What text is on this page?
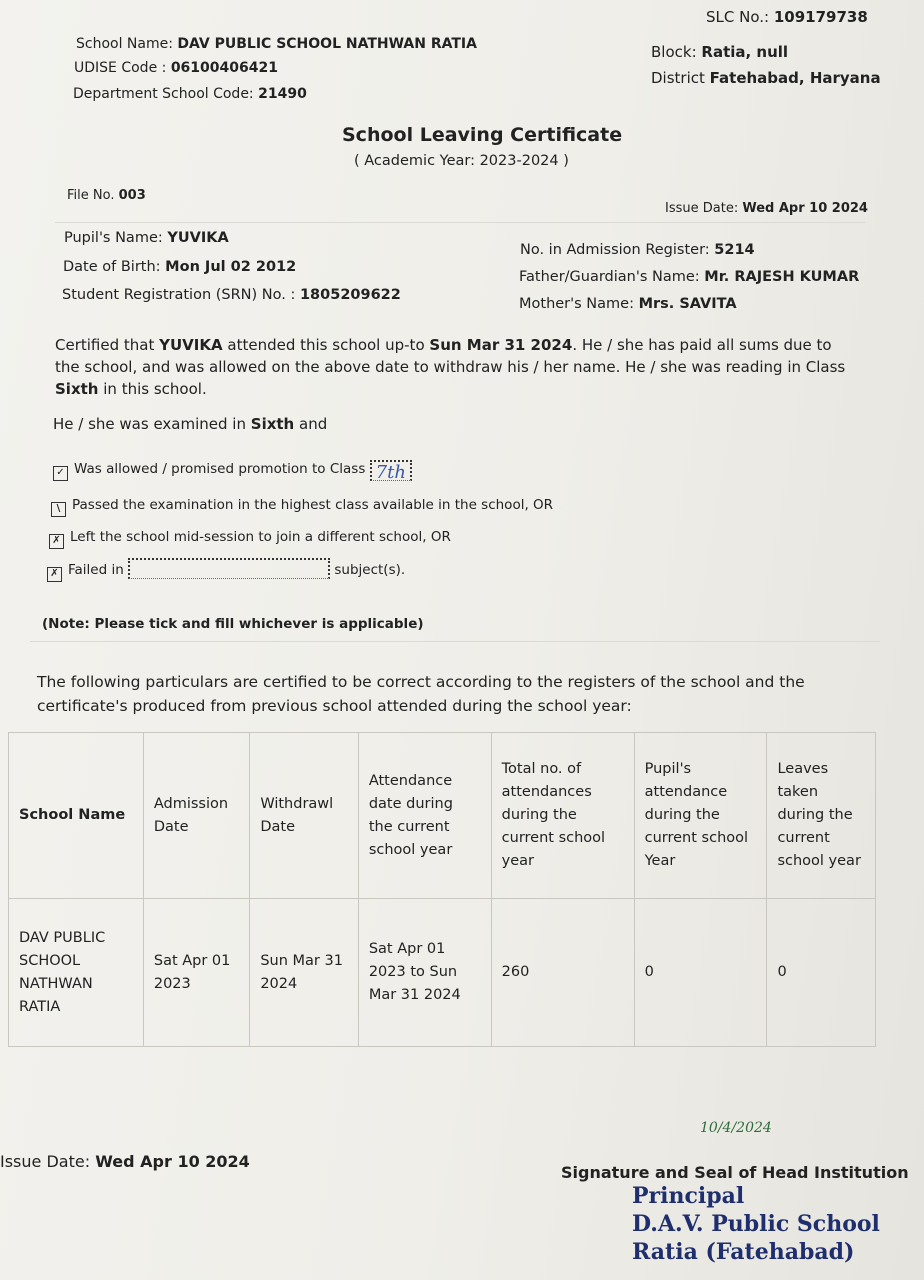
SLC No.: 109179738
School Name: DAV PUBLIC SCHOOL NATHWAN RATIA
UDISE Code : 06100406421
Department School Code: 21490
Block: Ratia, null
District Fatehabad, Haryana
School Leaving Certificate
( Academic Year: 2023-2024 )
File No. 003
Issue Date: Wed Apr 10 2024
Pupil's Name: YUVIKA
Date of Birth: Mon Jul 02 2012
Student Registration (SRN) No. : 1805209622
No. in Admission Register: 5214
Father/Guardian's Name: Mr. RAJESH KUMAR
Mother's Name: Mrs. SAVITA
Certified that YUVIKA attended this school up-to Sun Mar 31 2024. He / she has paid all sums due to the school, and was allowed on the above date to withdraw his / her name. He / she was reading in Class Sixth in this school.
He / she was examined in Sixth and
✓ Was allowed / promised promotion to Class 7th
\ Passed the examination in the highest class available in the school, OR
✗ Left the school mid-session to join a different school, OR
✗ Failed in	subject(s).
(Note: Please tick and fill whichever is applicable)
The following particulars are certified to be correct according to the registers of the school and the certificate's produced from previous school attended during the school year:
School Name	Admission Date	Withdrawl Date	Attendance date during the current school year	Total no. of attendances during the current school year	Pupil's attendance during the current school Year	Leaves taken during the current school year
DAV PUBLIC SCHOOL NATHWAN RATIA	Sat Apr 01 2023	Sun Mar 31 2024	Sat Apr 01 2023 to Sun Mar 31 2024	260	0	0
Issue Date: Wed Apr 10 2024
10/4/2024
Signature and Seal of Head Institution
Principal
D.A.V. Public School
Ratia (Fatehabad)
